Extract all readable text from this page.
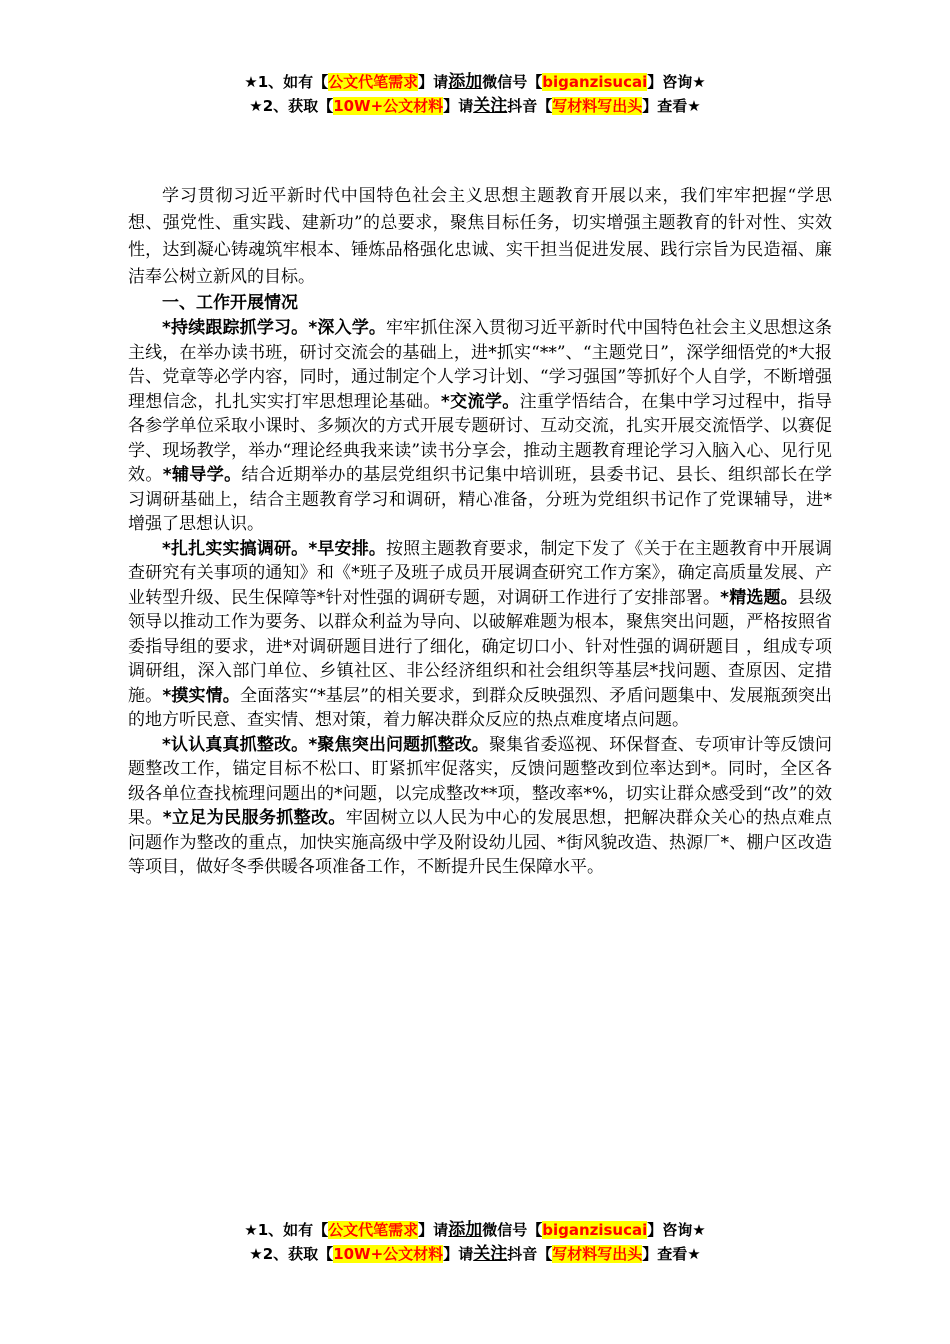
★1、如有【公文代笔需求】请添加微信号【biganzisucai】咨询★
★2、获取【10W+公文材料】请关注抖音【写材料写出头】查看★

学习贯彻习近平新时代中国特色社会主义思想主题教育开展以来，我们牢牢把握“学思想、强党性、重实践、建新功”的总要求，聚焦目标任务，切实增强主题教育的针对性、实效性，达到凝心铸魂筑牢根本、锤炼品格强化忠诚、实干担当促进发展、践行宗旨为民造福、廉洁奉公树立新风的目标。

一、工作开展情况

*持续跟踪抓学习。*深入学。牢牢抓住深入贯彻习近平新时代中国特色社会主义思想这条主线，在举办读书班，研讨交流会的基础上，进*抓实“**”、“主题党日”，深学细悟党的*大报告、党章等必学内容，同时，通过制定个人学习计划、“学习强国”等抓好个人自学，不断增强理想信念，扎扎实实打牢思想理论基础。*交流学。注重学悟结合，在集中学习过程中，指导各参学单位采取小课时、多频次的方式开展专题研讨、互动交流，扎实开展交流悟学、以赛促学、现场教学，举办“理论经典我来读”读书分享会，推动主题教育理论学习入脑入心、见行见效。*辅导学。结合近期举办的基层党组织书记集中培训班，县委书记、县长、组织部长在学习调研基础上，结合主题教育学习和调研，精心准备，分班为党组织书记作了党课辅导，进*增强了思想认识。

*扎扎实实搞调研。*早安排。按照主题教育要求，制定下发了《关于在主题教育中开展调查研究有关事项的通知》和《*班子及班子成员开展调查研究工作方案》，确定高质量发展、产业转型升级、民生保障等*针对性强的调研专题，对调研工作进行了安排部署。*精选题。县级领导以推动工作为要务、以群众利益为导向、以破解难题为根本，聚焦突出问题，严格按照省委指导组的要求，进*对调研题目进行了细化，确定切口小、针对性强的调研题目 ，组成专项调研组，深入部门单位、乡镇社区、非公经济组织和社会组织等基层*找问题、查原因、定措施。*摸实情。全面落实“*基层”的相关要求，到群众反映强烈、矛盾问题集中、发展瓶颈突出的地方听民意、查实情、想对策，着力解决群众反应的热点难度堵点问题。

*认认真真抓整改。*聚焦突出问题抓整改。聚集省委巡视、环保督查、专项审计等反馈问题整改工作，锚定目标不松口、盯紧抓牢促落实，反馈问题整改到位率达到*。同时，全区各级各单位查找梳理问题出的*问题，以完成整改**项，整改率*%，切实让群众感受到“改”的效果。*立足为民服务抓整改。牢固树立以人民为中心的发展思想，把解决群众关心的热点难点问题作为整改的重点，加快实施高级中学及附设幼儿园、*街风貌改造、热源厂*、棚户区改造等项目，做好冬季供暖各项准备工作，不断提升民生保障水平。

★1、如有【公文代笔需求】请添加微信号【biganzisucai】咨询★
★2、获取【10W+公文材料】请关注抖音【写材料写出头】查看★
